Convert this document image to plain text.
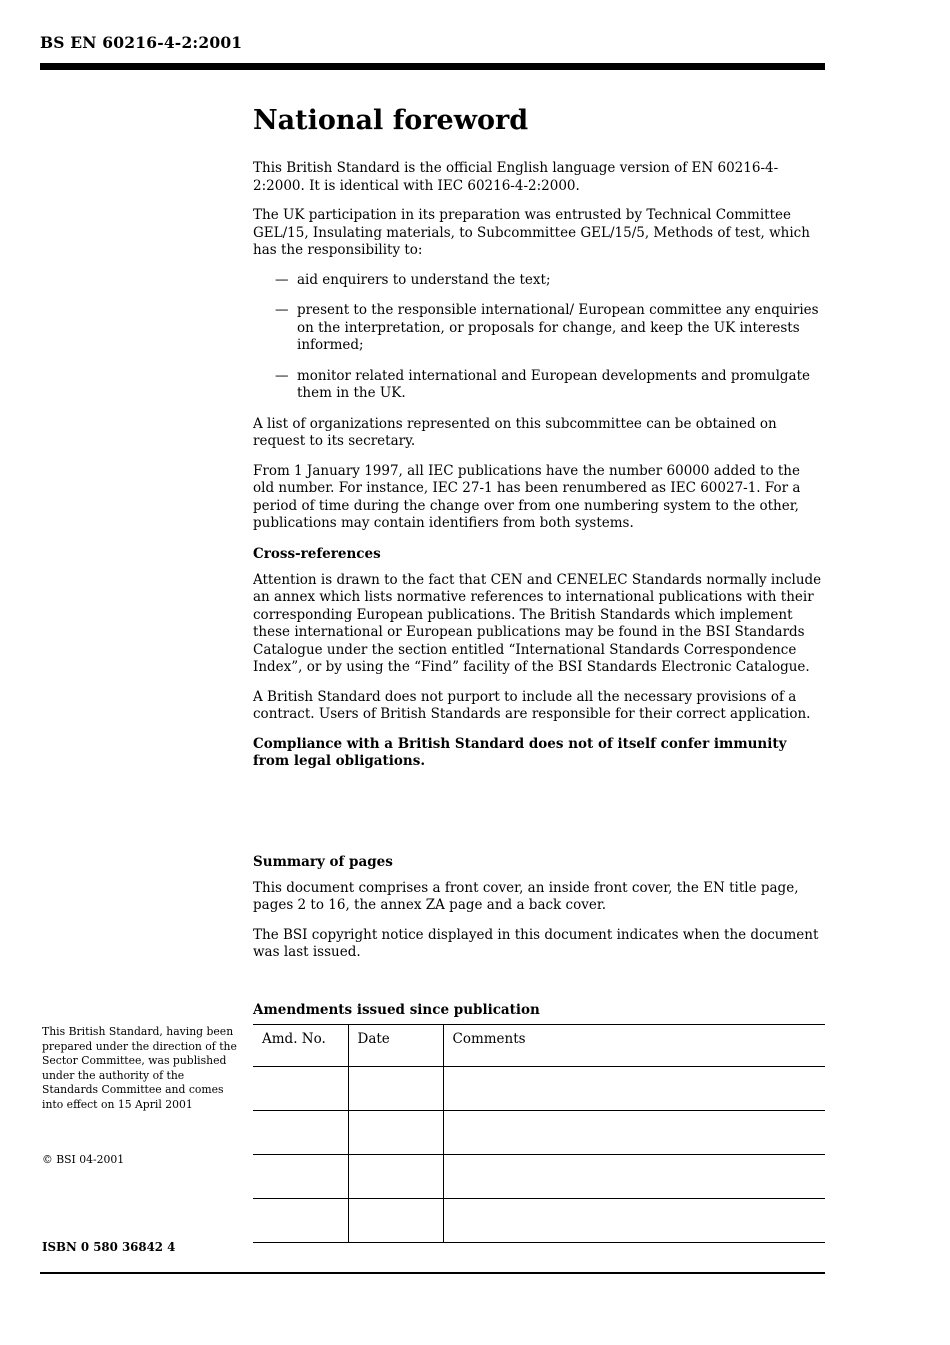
BS EN 60216-4-2:2001
National foreword

This British Standard is the official English language version of EN 60216-4-2:2000. It is identical with IEC 60216-4-2:2000.

The UK participation in its preparation was entrusted by Technical Committee GEL/15, Insulating materials, to Subcommittee GEL/15/5, Methods of test, which has the responsibility to:

— aid enquirers to understand the text;
— present to the responsible international/ European committee any enquiries on the interpretation, or proposals for change, and keep the UK interests informed;
— monitor related international and European developments and promulgate them in the UK.

A list of organizations represented on this subcommittee can be obtained on request to its secretary.

From 1 January 1997, all IEC publications have the number 60000 added to the old number. For instance, IEC 27-1 has been renumbered as IEC 60027-1. For a period of time during the change over from one numbering system to the other, publications may contain identifiers from both systems.

Cross-references

Attention is drawn to the fact that CEN and CENELEC Standards normally include an annex which lists normative references to international publications with their corresponding European publications. The British Standards which implement these international or European publications may be found in the BSI Standards Catalogue under the section entitled “International Standards Correspondence Index”, or by using the “Find” facility of the BSI Standards Electronic Catalogue.

A British Standard does not purport to include all the necessary provisions of a contract. Users of British Standards are responsible for their correct application.

Compliance with a British Standard does not of itself confer immunity from legal obligations.

Summary of pages

This document comprises a front cover, an inside front cover, the EN title page, pages 2 to 16, the annex ZA page and a back cover.

The BSI copyright notice displayed in this document indicates when the document was last issued.

Amendments issued since publication
Amd. No.	Date	Comments

This British Standard, having been prepared under the direction of the Sector Committee, was published under the authority of the Standards Committee and comes into effect on 15 April 2001
© BSI 04-2001
ISBN 0 580 36842 4
